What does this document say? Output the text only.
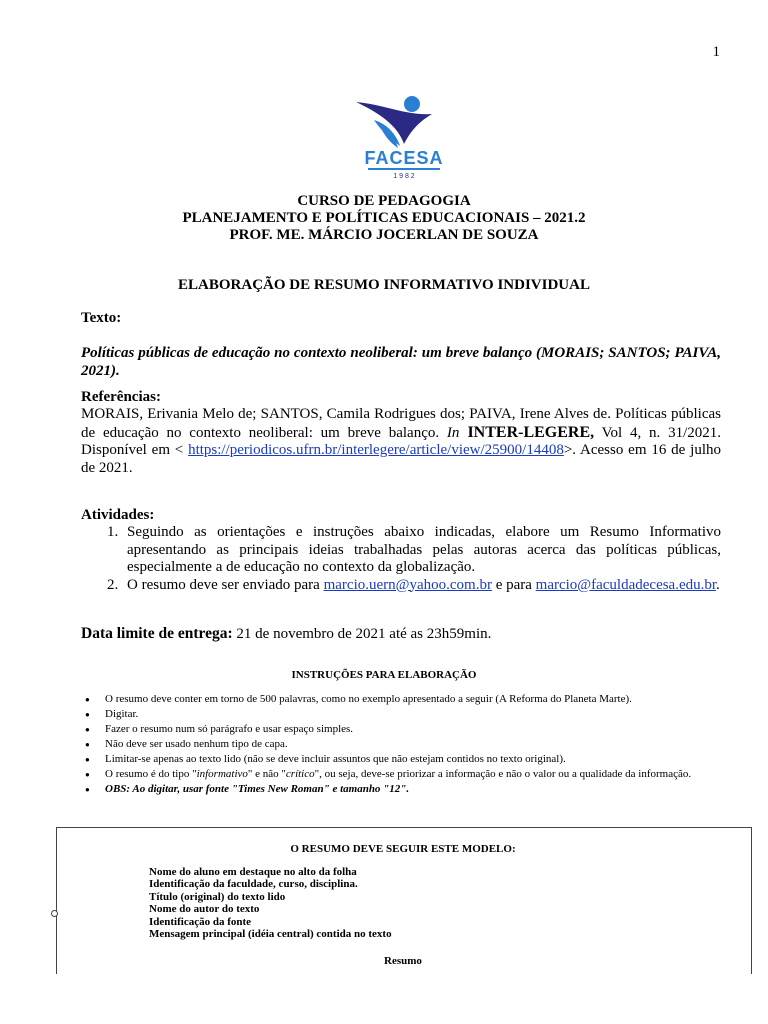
1
FACESA
1 9 8 2
CURSO DE PEDAGOGIA
PLANEJAMENTO E POLÍTICAS EDUCACIONAIS – 2021.2
PROF. ME. MÁRCIO JOCERLAN DE SOUZA
ELABORAÇÃO DE RESUMO INFORMATIVO INDIVIDUAL
Texto:
Políticas públicas de educação no contexto neoliberal: um breve balanço (MORAIS; SANTOS; PAIVA, 2021).
Referências:
MORAIS, Erivania Melo de; SANTOS, Camila Rodrigues dos; PAIVA, Irene Alves de. Políticas públicas de educação no contexto neoliberal: um breve balanço. In INTER-LEGERE, Vol 4, n. 31/2021. Disponível em < https://periodicos.ufrn.br/interlegere/article/view/25900/14408>. Acesso em 16 de julho de 2021.
Atividades:
1. Seguindo as orientações e instruções abaixo indicadas, elabore um Resumo Informativo apresentando as principais ideias trabalhadas pelas autoras acerca das políticas públicas, especialmente a de educação no contexto da globalização.
2. O resumo deve ser enviado para marcio.uern@yahoo.com.br e para marcio@faculdadecesa.edu.br.
Data limite de entrega: 21 de novembro de 2021 até as 23h59min.
INSTRUÇÕES PARA ELABORAÇÃO
● O resumo deve conter em torno de 500 palavras, como no exemplo apresentado a seguir (A Reforma do Planeta Marte).
● Digitar.
● Fazer o resumo num só parágrafo e usar espaço simples.
● Não deve ser usado nenhum tipo de capa.
● Limitar-se apenas ao texto lido (não se deve incluir assuntos que não estejam contidos no texto original).
● O resumo é do tipo "informativo" e não "crítico", ou seja, deve-se priorizar a informação e não o valor ou a qualidade da informação.
● OBS: Ao digitar, usar fonte "Times New Roman" e tamanho "12".
O RESUMO DEVE SEGUIR ESTE MODELO:
Nome do aluno em destaque no alto da folha
Identificação da faculdade, curso, disciplina.
Título (original) do texto lido
Nome do autor do texto
Identificação da fonte
Mensagem principal (idéia central) contida no texto
Resumo
